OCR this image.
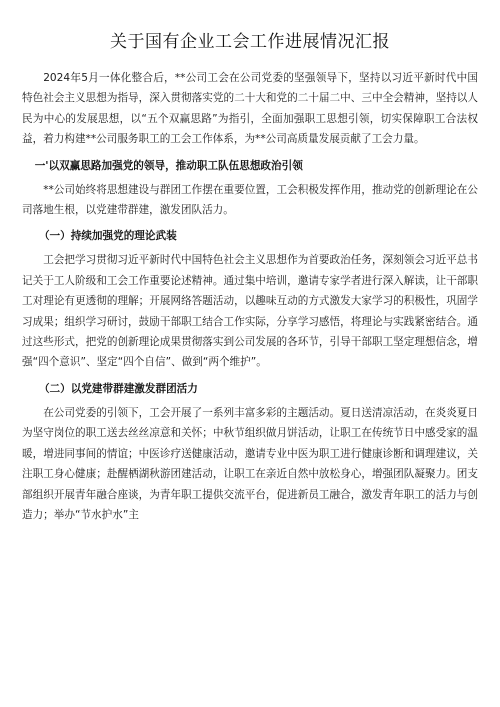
关于国有企业工会工作进展情况汇报

2024年5月一体化整合后，**公司工会在公司党委的坚强领导下，坚持以习近平新时代中国特色社会主义思想为指导，深入贯彻落实党的二十大和党的二十届二中、三中全会精神，坚持以人民为中心的发展思想，以“五个双赢思路”为指引，全面加强职工思想引领，切实保障职工合法权益，着力构建**公司服务职工的工会工作体系，为**公司高质量发展贡献了工会力量。

一'以双赢思路加强党的领导，推动职工队伍思想政治引领

**公司始终将思想建设与群团工作摆在重要位置，工会积极发挥作用，推动党的创新理论在公司落地生根，以党建带群建，激发团队活力。

（一）持续加强党的理论武装

工会把学习贯彻习近平新时代中国特色社会主义思想作为首要政治任务，深刻领会习近平总书记关于工人阶级和工会工作重要论述精神。通过集中培训，邀请专家学者进行深入解读，让干部职工对理论有更透彻的理解；开展网络答题活动，以趣味互动的方式激发大家学习的积极性，巩固学习成果；组织学习研讨，鼓励干部职工结合工作实际，分享学习感悟，将理论与实践紧密结合。通过这些形式，把党的创新理论成果贯彻落实到公司发展的各环节，引导干部职工坚定理想信念，增强“四个意识”、坚定“四个自信”、做到“两个维护”。

（二）以党建带群建激发群团活力

在公司党委的引领下，工会开展了一系列丰富多彩的主题活动。夏日送清凉活动，在炎炎夏日为坚守岗位的职工送去丝丝凉意和关怀；中秋节组织做月饼活动，让职工在传统节日中感受家的温暖，增进同事间的情谊；中医诊疗送健康活动，邀请专业中医为职工进行健康诊断和调理建议，关注职工身心健康；赴醒栖湖秋游团建活动，让职工在亲近自然中放松身心，增强团队凝聚力。团支部组织开展青年融合座谈，为青年职工提供交流平台，促进新员工融合，激发青年职工的活力与创造力；举办“节水护水”主
